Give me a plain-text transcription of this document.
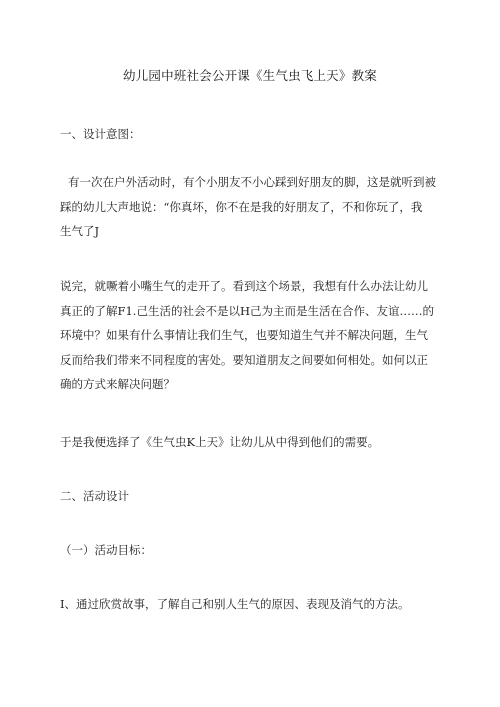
幼儿园中班社会公开课《生气虫飞上天》教案
一、设计意图：
有一次在户外活动时，有个小朋友不小心踩到好朋友的脚，这是就听到被
踩的幼儿大声地说：“你真坏，你不在是我的好朋友了，不和你玩了，我
生气了J
说完，就噘着小嘴生气的走开了。看到这个场景，我想有什么办法让幼儿
真正的了解F1.己生活的社会不是以H己为主而是生活在合作、友谊……的
环境中？如果有什么事情让我们生气，也要知道生气并不解决问题，生气
反而给我们带来不同程度的害处。要知道朋友之间要如何相处。如何以正
确的方式来解决问题？
于是我便选择了《生气虫K上天》让幼儿从中得到他们的需要。
二、活动设计
（一）活动目标：
I、通过欣赏故事，了解自己和别人生气的原因、表现及消气的方法。
